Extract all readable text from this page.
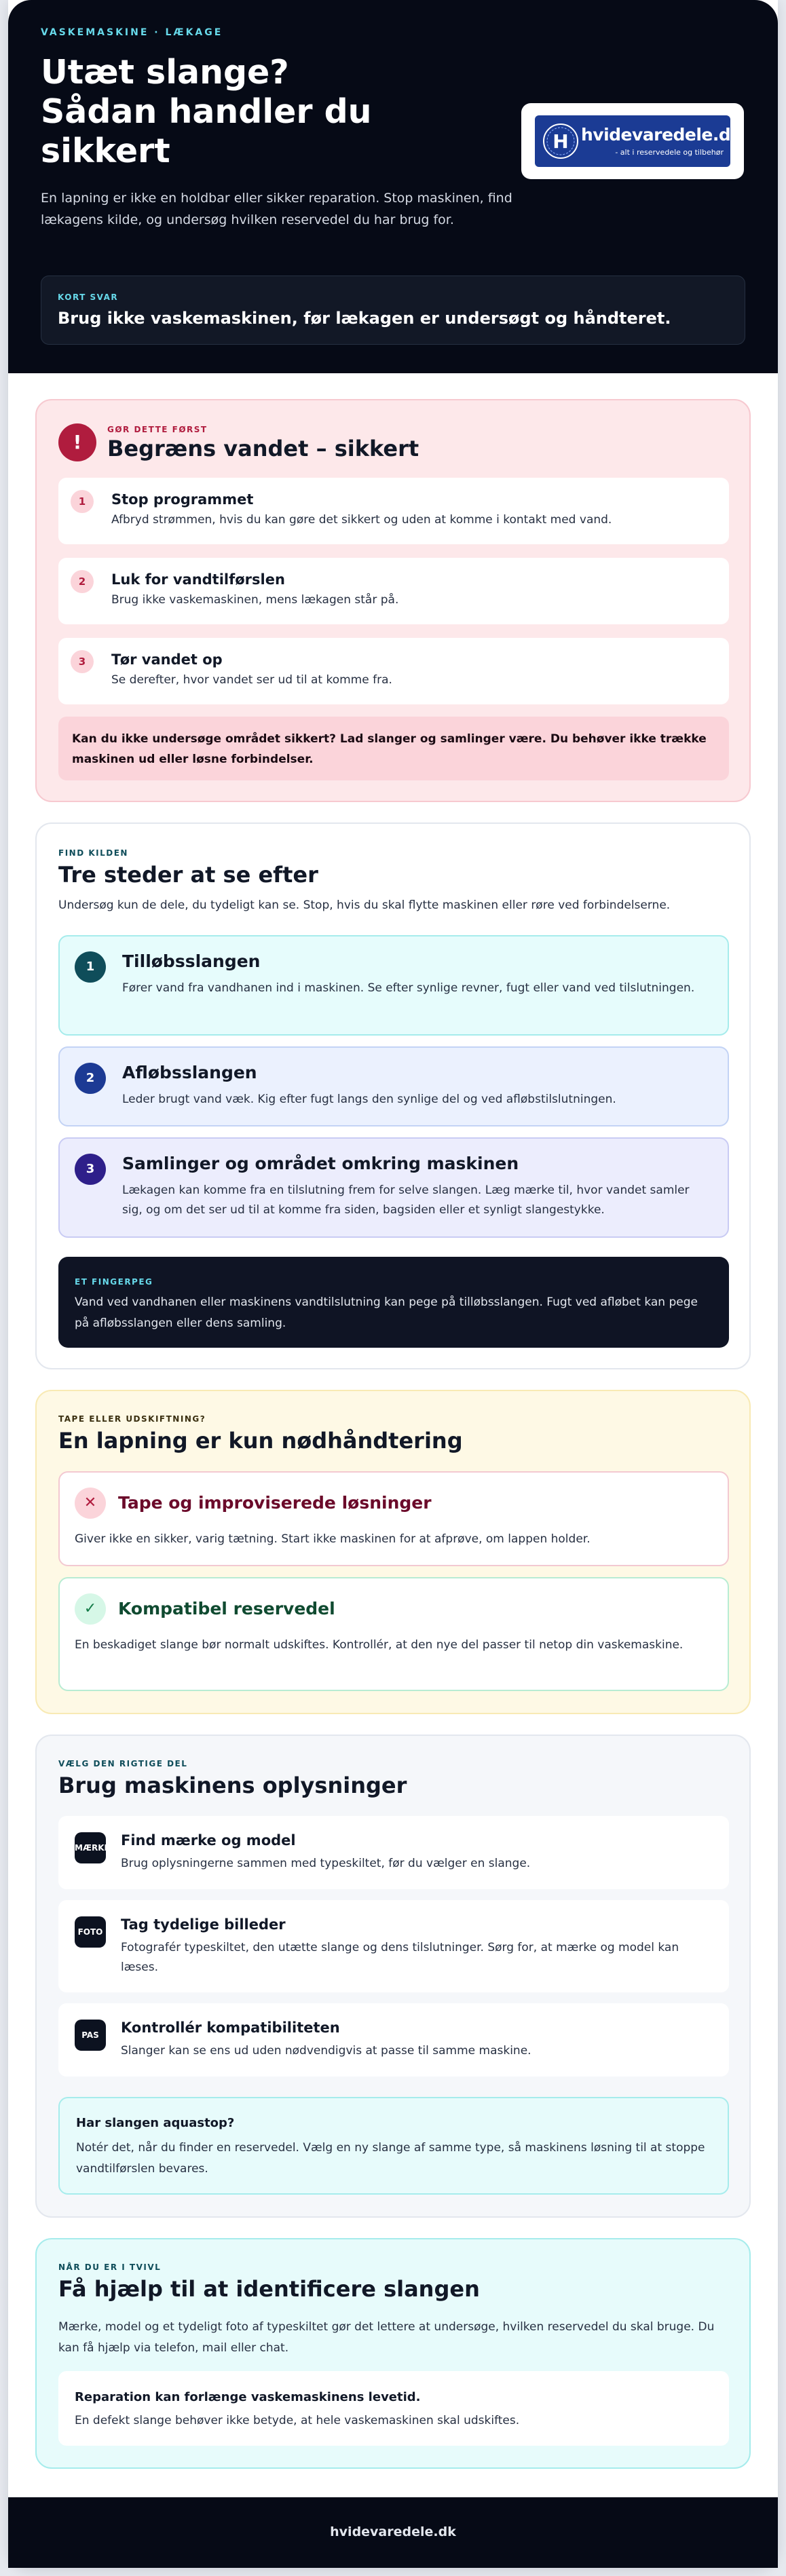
VASKEMASKINE · LÆKAGE
Utæt slange?
Sådan handler du
sikkert

En lapning er ikke en holdbar eller sikker reparation. Stop maskinen, find lækagens kilde, og undersøg hvilken reservedel du har brug for.

H hvidevaredele.dk
- alt i reservedele og tilbehør
KORT SVAR
Brug ikke vaskemaskinen, før lækagen er undersøgt og håndteret.
!
GØR DETTE FØRST
Begræns vandet – sikkert
1	Stop programmet
Afbryd strømmen, hvis du kan gøre det sikkert og uden at komme i kontakt med vand.
2	Luk for vandtilførslen
Brug ikke vaskemaskinen, mens lækagen står på.
3	Tør vandet op
Se derefter, hvor vandet ser ud til at komme fra.
Kan du ikke undersøge området sikkert? Lad slanger og samlinger være. Du behøver ikke trække maskinen ud eller løsne forbindelser.
FIND KILDEN
Tre steder at se efter

Undersøg kun de dele, du tydeligt kan se. Stop, hvis du skal flytte maskinen eller røre ved forbindelserne.

1	Tilløbsslangen
Fører vand fra vandhanen ind i maskinen. Se efter synlige revner, fugt eller vand ved tilslutningen.
2	Afløbsslangen
Leder brugt vand væk. Kig efter fugt langs den synlige del og ved afløbstilslutningen.
3	Samlinger og området omkring maskinen
Lækagen kan komme fra en tilslutning frem for selve slangen. Læg mærke til, hvor vandet samler sig, og om det ser ud til at komme fra siden, bagsiden eller et synligt slangestykke.
ET FINGERPEG
Vand ved vandhanen eller maskinens vandtilslutning kan pege på tilløbsslangen. Fugt ved afløbet kan pege på afløbsslangen eller dens samling.
TAPE ELLER UDSKIFTNING?
En lapning er kun nødhåndtering
✕	Tape og improviserede løsninger
Giver ikke en sikker, varig tætning. Start ikke maskinen for at afprøve, om lappen holder.
✓	Kompatibel reservedel
En beskadiget slange bør normalt udskiftes. Kontrollér, at den nye del passer til netop din vaskemaskine.
VÆLG DEN RIGTIGE DEL
Brug maskinens oplysninger
MÆRKE Find mærke og model
Brug oplysningerne sammen med typeskiltet, før du vælger en slange.
FOTO Tag tydelige billeder
Fotografér typeskiltet, den utætte slange og dens tilslutninger. Sørg for, at mærke og model kan læses.
PAS	Kontrollér kompatibiliteten
Slanger kan se ens ud uden nødvendigvis at passe til samme maskine.
Har slangen aquastop?
Notér det, når du finder en reservedel. Vælg en ny slange af samme type, så maskinens løsning til at stoppe vandtilførslen bevares.
NÅR DU ER I TVIVL
Få hjælp til at identificere slangen

Mærke, model og et tydeligt foto af typeskiltet gør det lettere at undersøge, hvilken reservedel du skal bruge. Du kan få hjælp via telefon, mail eller chat.

Reparation kan forlænge vaskemaskinens levetid.
En defekt slange behøver ikke betyde, at hele vaskemaskinen skal udskiftes.
hvidevaredele.dk
